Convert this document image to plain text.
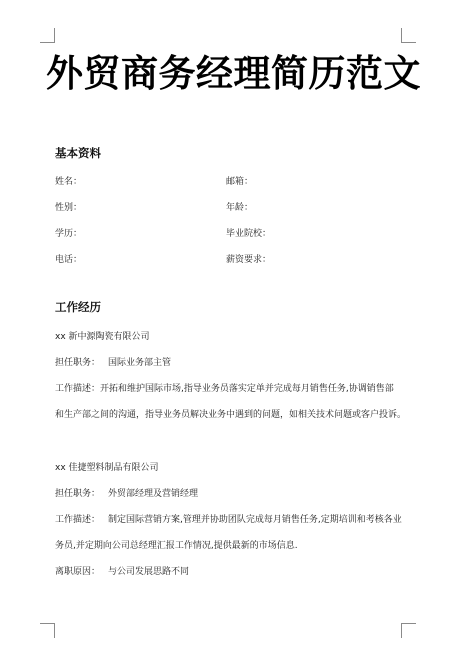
外贸商务经理简历范文
基本资料
姓名：	邮箱：
性别：	年龄：
学历：	毕业院校：
电话：	薪资要求：
工作经历
xx 新中源陶瓷有限公司
担任职务： 国际业务部主管
工作描述：开拓和维护国际市场,指导业务员落实定单并完成每月销售任务,协调销售部
和生产部之间的沟通，指导业务员解决业务中遇到的问题，如相关技术问题或客户投诉。
xx 佳捷塑料制品有限公司
担任职务： 外贸部经理及营销经理
工作描述： 制定国际营销方案,管理并协助团队完成每月销售任务,定期培训和考核各业
务员,并定期向公司总经理汇报工作情况,提供最新的市场信息.
离职原因： 与公司发展思路不同
